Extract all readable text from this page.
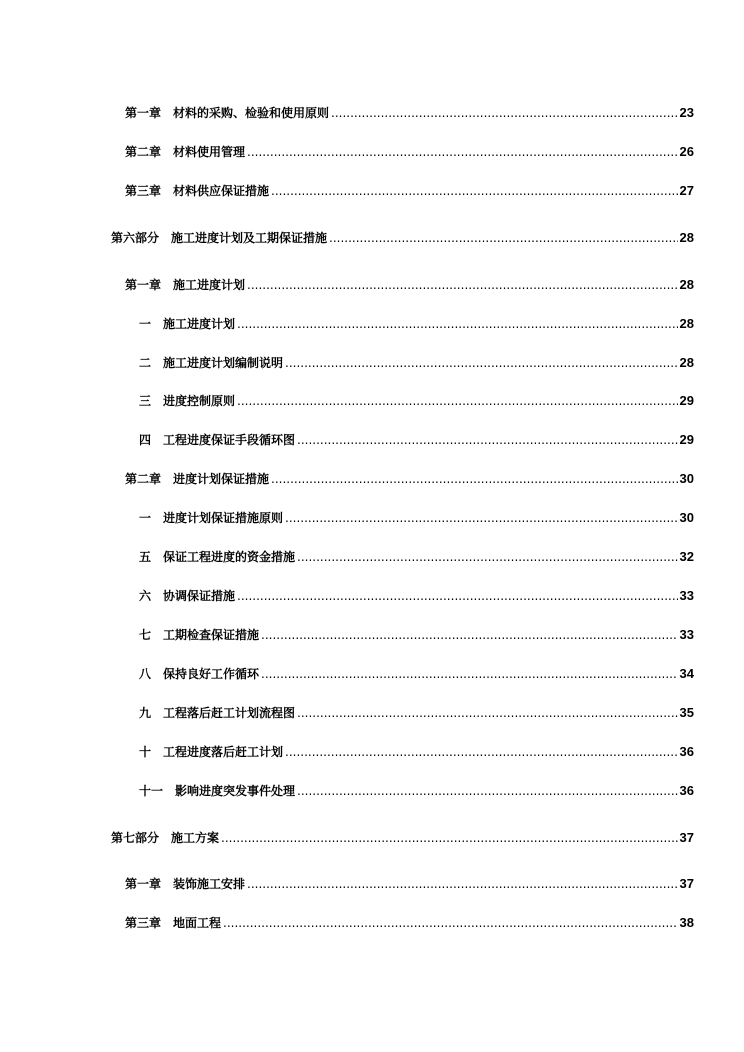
第一章　材料的采购、检验和使用原则 .....	23
第二章　材料使用管理 .....	26
第三章　材料供应保证措施 .....	27
第六部分　施工进度计划及工期保证措施 .....	28
第一章　施工进度计划 .....	28
一　施工进度计划 .....	28
二　施工进度计划编制说明 .....	28
三　进度控制原则 .....	29
四　工程进度保证手段循环图 .....	29
第二章　进度计划保证措施 .....	30
一　进度计划保证措施原则 .....	30
五　保证工程进度的资金措施 .....	32
六　协调保证措施 .....	33
七　工期检查保证措施 .....	33
八　保持良好工作循环 .....	34
九　工程落后赶工计划流程图 .....	35
十　工程进度落后赶工计划 .....	36
十一　影响进度突发事件处理 .....	36
第七部分　施工方案 .....	37
第一章　装饰施工安排 .....	37
第三章　地面工程 .....	38
